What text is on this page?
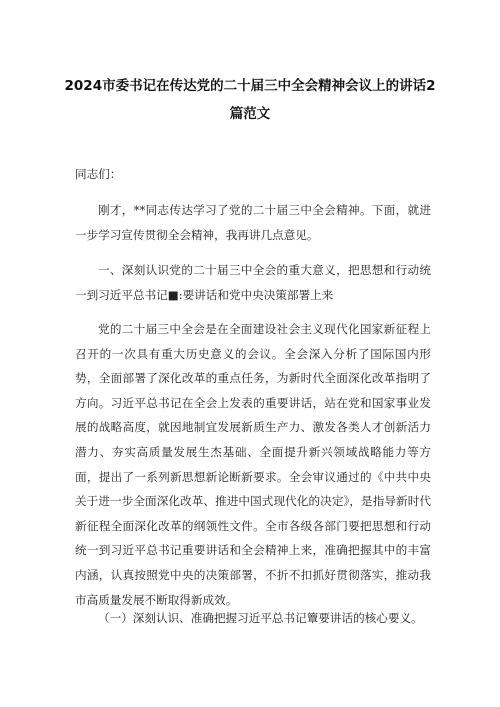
2024市委书记在传达党的二十届三中全会精神会议上的讲话2
篇范文
同志们：
刚才，**同志传达学习了党的二十届三中全会精神。下面，就进一步学习宣传贯彻全会精神，我再讲几点意见。
一、深刻认识党的二十届三中全会的重大意义，把思想和行动统一到习近平总书记■:要讲话和党中央决策部署上来
党的二十届三中全会是在全面建设社会主义现代化国家新征程上召开的一次具有重大历史意义的会议。全会深入分析了国际国内形势，全面部署了深化改革的重点任务，为新时代全面深化改革指明了方向。习近平总书记在全会上发表的重要讲话，站在党和国家事业发展的战略高度，就因地制宜发展新质生产力、激发各类人才创新活力潜力、夯实高质量发展生杰基础、全面提升新兴领域战略能力等方面，提出了一系列新思想新论断新要求。全会审议通过的《中共中央关于进一步全面深化改革、推进中国式现代化的决定》，是指导新时代新征程全面深化改革的纲领性文件。全市各级各部门要把思想和行动统一到习近平总书记重要讲话和全会精神上来，准确把握其中的丰富内涵，认真按照党中央的决策部署，不折不扣抓好贯彻落实，推动我市高质量发展不断取得新成效。
（一）深刻认识、准确把握习近平总书记簟要讲话的核心要义。
